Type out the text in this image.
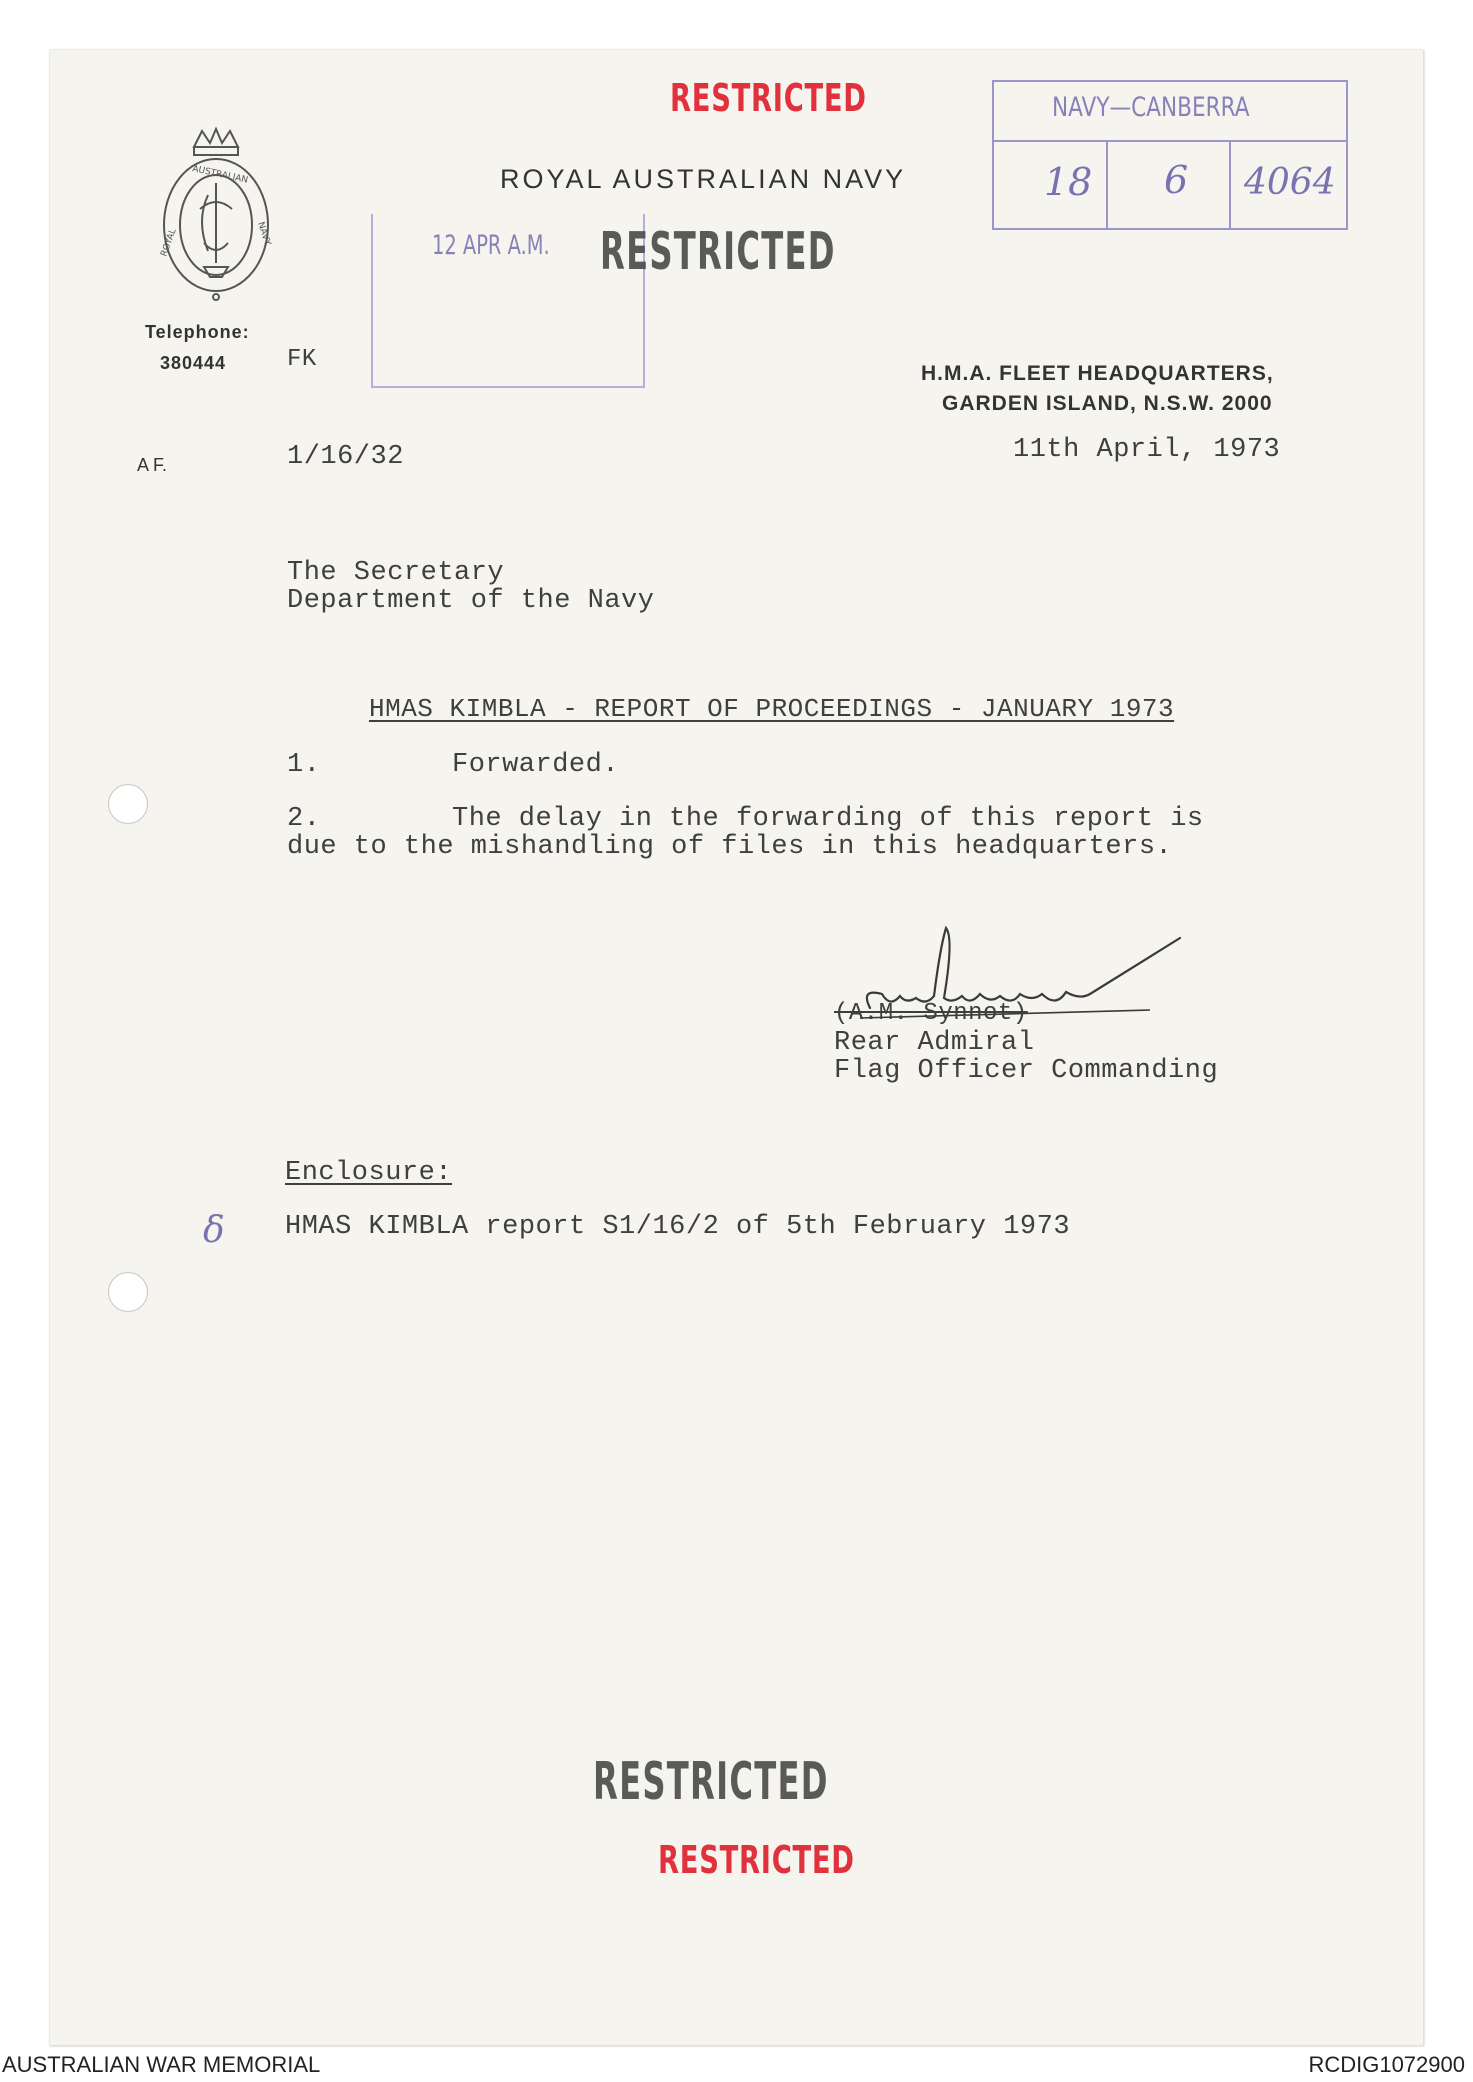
RESTRICTED
12 APR A.M. RESTRICTED
NAVY—CANBERRA
18 6 4064
ROYAL
AUSTRALIAN
NAVY
ROYAL AUSTRALIAN NAVY
Telephone:
380444	FK
A F.	1/16/32
H.M.A. FLEET HEADQUARTERS,
GARDEN ISLAND, N.S.W. 2000
11th April, 1973
The Secretary
Department of the Navy
HMAS KIMBLA - REPORT OF PROCEEDINGS - JANUARY 1973
1.	Forwarded.
2.	The delay in the forwarding of this report is
due to the mishandling of files in this headquarters.
(A.M. Synnot)
Rear Admiral
Flag Officer Commanding
Enclosure:
δ HMAS KIMBLA report S1/16/2 of 5th February 1973
RESTRICTED
RESTRICTED
AUSTRALIAN WAR MEMORIAL	RCDIG1072900
